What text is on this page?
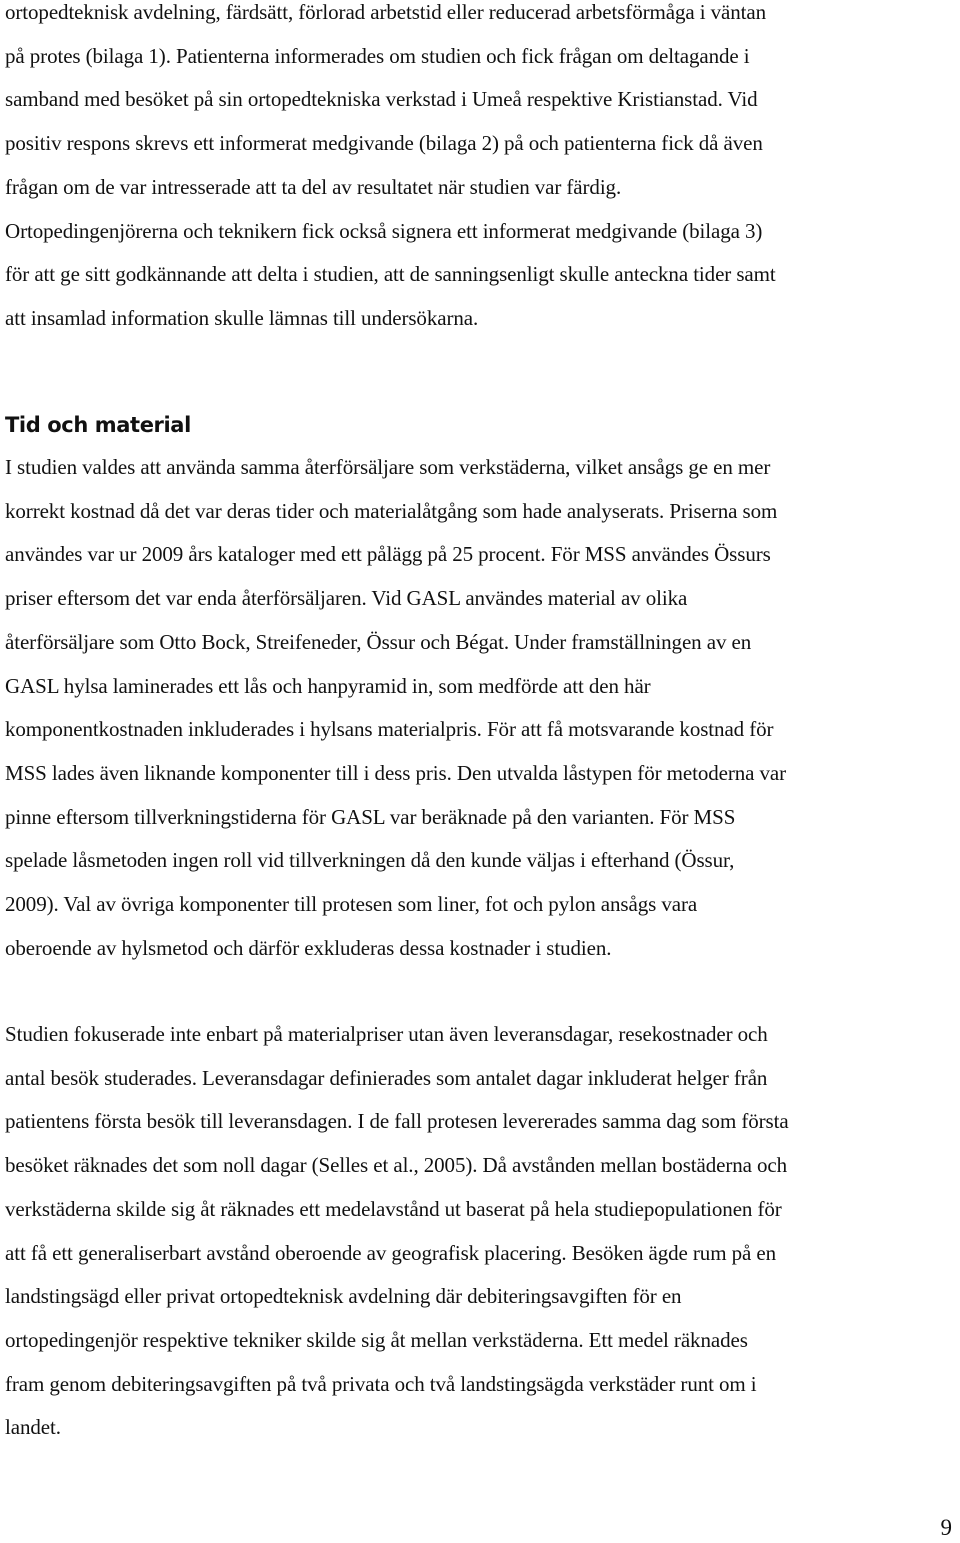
ortopedteknisk avdelning, färdsätt, förlorad arbetstid eller reducerad arbetsförmåga i väntan
på protes (bilaga 1). Patienterna informerades om studien och fick frågan om deltagande i
samband med besöket på sin ortopedtekniska verkstad i Umeå respektive Kristianstad. Vid
positiv respons skrevs ett informerat medgivande (bilaga 2) på och patienterna fick då även
frågan om de var intresserade att ta del av resultatet när studien var färdig.
Ortopedingenjörerna och teknikern fick också signera ett informerat medgivande (bilaga 3)
för att ge sitt godkännande att delta i studien, att de sanningsenligt skulle anteckna tider samt
att insamlad information skulle lämnas till undersökarna.

Tid och material

I studien valdes att använda samma återförsäljare som verkstäderna, vilket ansågs ge en mer
korrekt kostnad då det var deras tider och materialåtgång som hade analyserats. Priserna som
användes var ur 2009 års kataloger med ett pålägg på 25 procent. För MSS användes Össurs
priser eftersom det var enda återförsäljaren. Vid GASL användes material av olika
återförsäljare som Otto Bock, Streifeneder, Össur och Bégat. Under framställningen av en
GASL hylsa laminerades ett lås och hanpyramid in, som medförde att den här
komponentkostnaden inkluderades i hylsans materialpris. För att få motsvarande kostnad för
MSS lades även liknande komponenter till i dess pris. Den utvalda låstypen för metoderna var
pinne eftersom tillverkningstiderna för GASL var beräknade på den varianten. För MSS
spelade låsmetoden ingen roll vid tillverkningen då den kunde väljas i efterhand (Össur,
2009). Val av övriga komponenter till protesen som liner, fot och pylon ansågs vara
oberoende av hylsmetod och därför exkluderas dessa kostnader i studien.

Studien fokuserade inte enbart på materialpriser utan även leveransdagar, resekostnader och
antal besök studerades. Leveransdagar definierades som antalet dagar inkluderat helger från
patientens första besök till leveransdagen. I de fall protesen levererades samma dag som första
besöket räknades det som noll dagar (Selles et al., 2005). Då avstånden mellan bostäderna och
verkstäderna skilde sig åt räknades ett medelavstånd ut baserat på hela studiepopulationen för
att få ett generaliserbart avstånd oberoende av geografisk placering. Besöken ägde rum på en
landstingsägd eller privat ortopedteknisk avdelning där debiteringsavgiften för en
ortopedingenjör respektive tekniker skilde sig åt mellan verkstäderna. Ett medel räknades
fram genom debiteringsavgiften på två privata och två landstingsägda verkstäder runt om i
landet.

9
